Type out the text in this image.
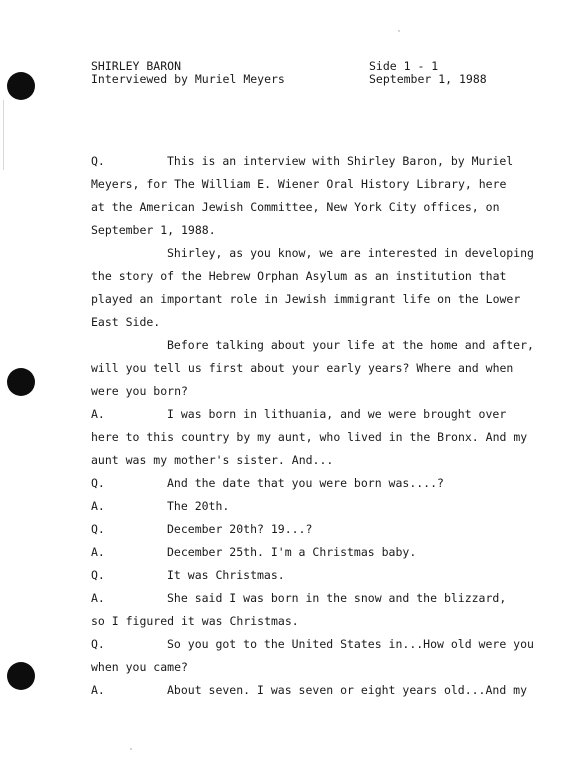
SHIRLEY BARON
Interviewed by Muriel Meyers
Side 1 - 1
September 1, 1988
Q.	This is an interview with Shirley Baron, by Muriel
Meyers, for The William E. Wiener Oral History Library, here
at the American Jewish Committee, New York City offices, on
September 1, 1988.
Shirley, as you know, we are interested in developing
the story of the Hebrew Orphan Asylum as an institution that
played an important role in Jewish immigrant life on the Lower
East Side.
Before talking about your life at the home and after,
will you tell us first about your early years? Where and when
were you born?
A.	I was born in lithuania, and we were brought over
here to this country by my aunt, who lived in the Bronx. And my
aunt was my mother's sister. And...
Q.	And the date that you were born was....?
A.	The 20th.
Q.	December 20th? 19...?
A.	December 25th. I'm a Christmas baby.
Q.	It was Christmas.
A.	She said I was born in the snow and the blizzard,
so I figured it was Christmas.
Q.	So you got to the United States in...How old were you
when you came?
A.	About seven. I was seven or eight years old...And my
